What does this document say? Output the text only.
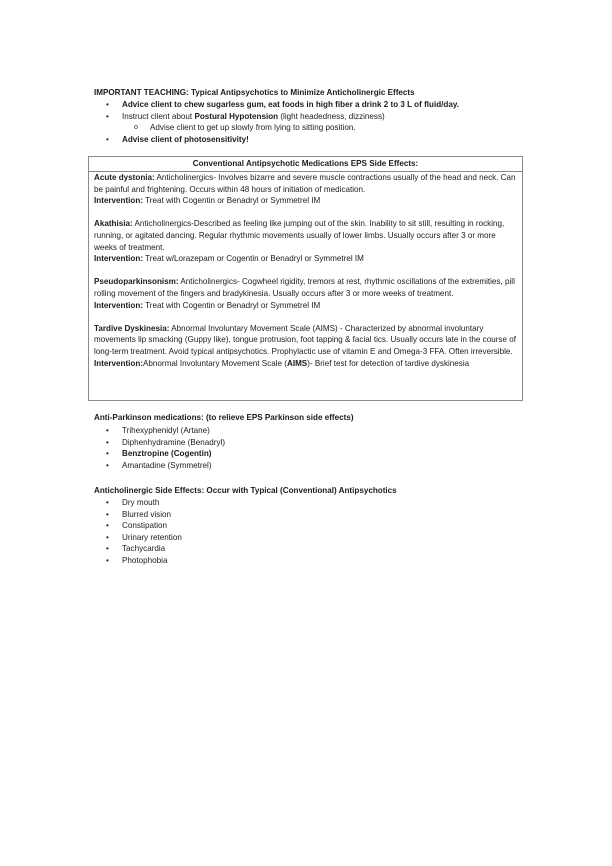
IMPORTANT TEACHING: Typical Antipsychotics to Minimize Anticholinergic Effects
• Advice client to chew sugarless gum, eat foods in high fiber a drink 2 to 3 L of fluid/day.
• Instruct client about Postural Hypotension (light headedness, dizziness)
o Advise client to get up slowly from lying to sitting position.
• Advise client of photosensitivity!
Conventional Antipsychotic Medications EPS Side Effects:

Acute dystonia: Anticholinergics- Involves bizarre and severe muscle contractions usually of the head and neck. Can be painful and frightening. Occurs within 48 hours of initiation of medication.

Intervention: Treat with Cogentin or Benadryl or Symmetrel IM

Akathisia: Anticholinergics-Described as feeling like jumping out of the skin. Inability to sit still, resulting in rocking, running, or agitated dancing. Regular rhythmic movements usually of lower limbs. Usually occurs after 3 or more weeks of treatment.

Intervention: Treat w/Lorazepam or Cogentin or Benadryl or Symmetrel IM

Pseudoparkinsonism: Anticholinergics- Cogwheel rigidity, tremors at rest, rhythmic oscillations of the extremities, pill rolling movement of the fingers and bradykinesia. Usually occurs after 3 or more weeks of treatment.

Intervention: Treat with Cogentin or Benadryl or Symmetrel IM

Tardive Dyskinesia: Abnormal Involuntary Movement Scale (AIMS) - Characterized by abnormal involuntary movements lip smacking (Guppy like), tongue protrusion, foot tapping & facial tics. Usually occurs late in the course of long-term treatment. Avoid typical antipsychotics. Prophylactic use of vitamin E and Omega-3 FFA. Often irreversible.

Intervention:Abnormal Involuntary Movement Scale (AIMS)- Brief test for detection of tardive dyskinesia

Anti-Parkinson medications: (to relieve EPS Parkinson side effects)
• Trihexyphenidyl (Artane)
• Diphenhydramine (Benadryl)
• Benztropine (Cogentin)
• Amantadine (Symmetrel)
Anticholinergic Side Effects: Occur with Typical (Conventional) Antipsychotics
• Dry mouth
• Blurred vision
• Constipation
• Urinary retention
• Tachycardia
• Photophobia
